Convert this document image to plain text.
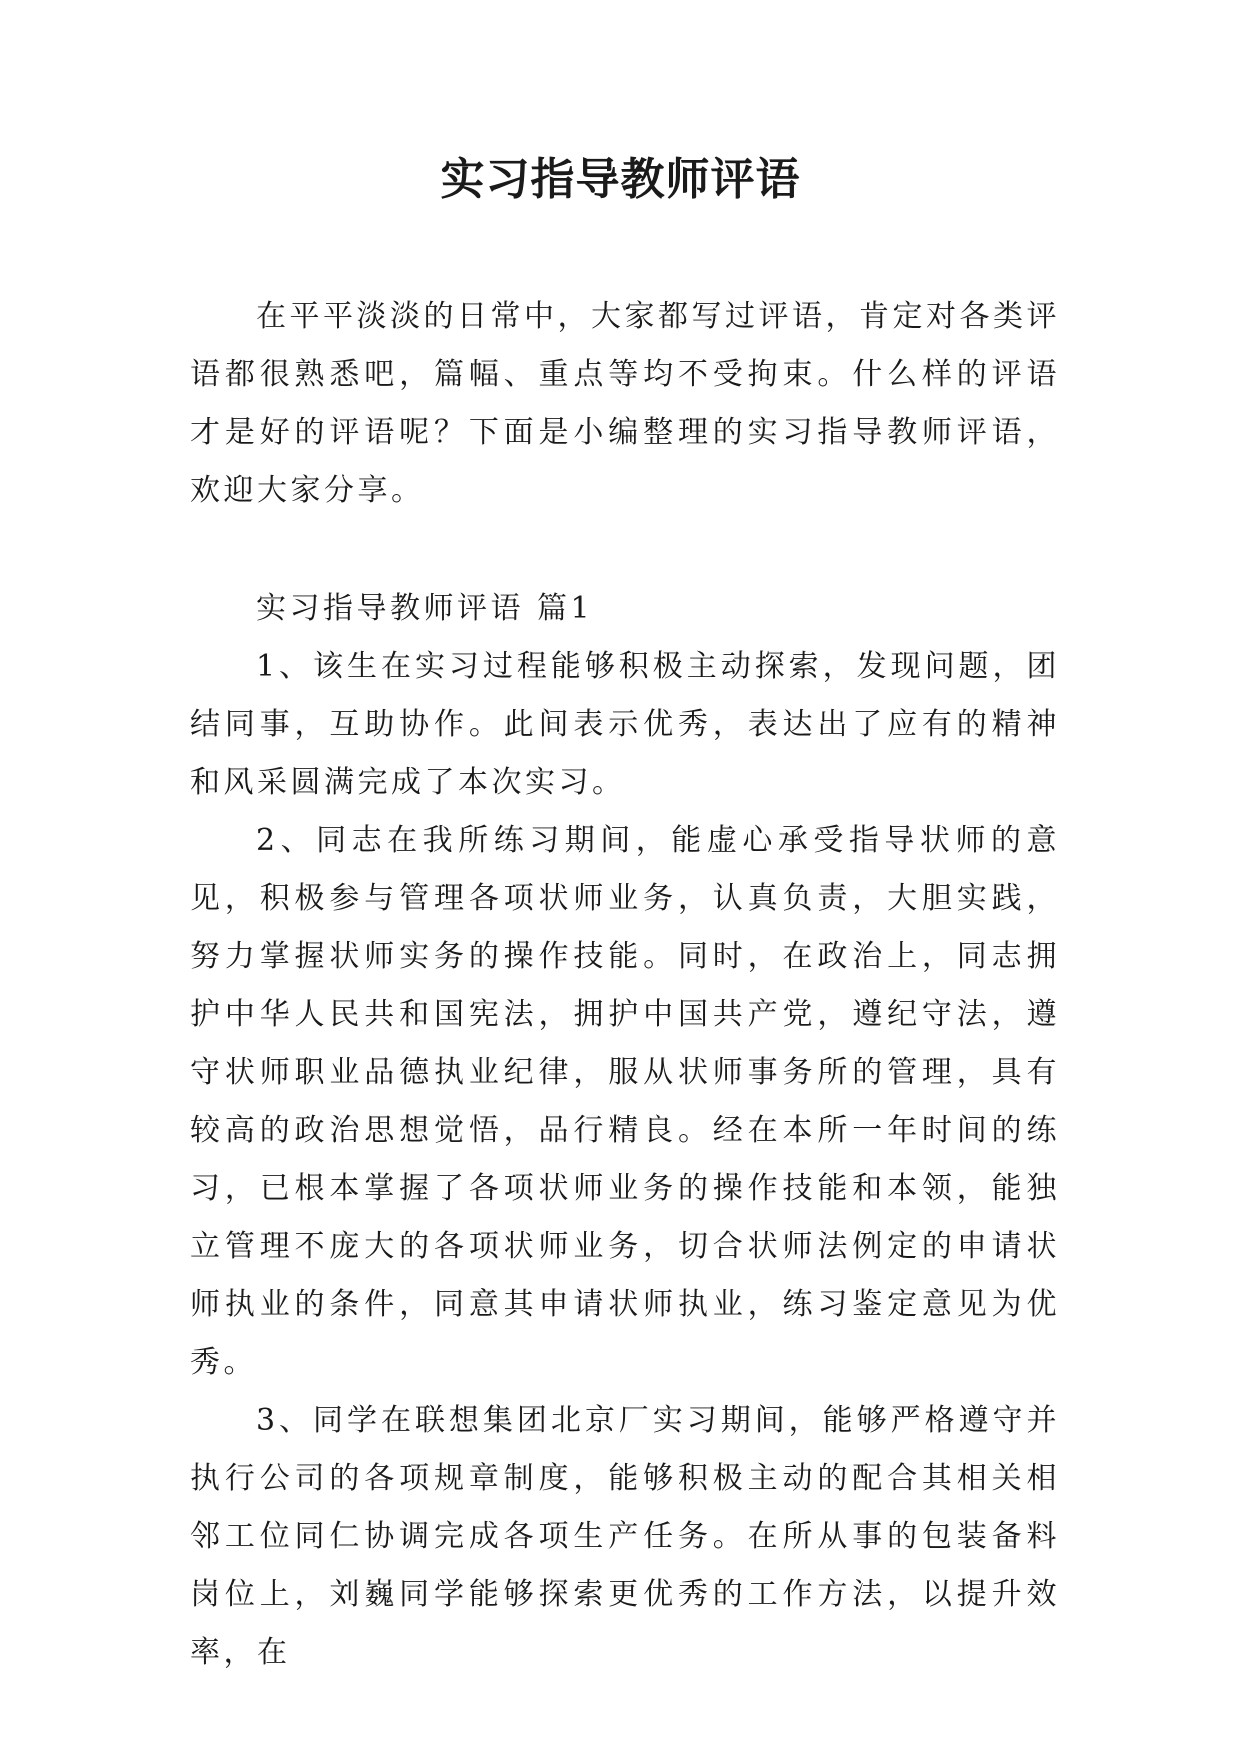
实习指导教师评语

在平平淡淡的日常中，大家都写过评语，肯定对各类评语都很熟悉吧，篇幅、重点等均不受拘束。什么样的评语才是好的评语呢？下面是小编整理的实习指导教师评语，欢迎大家分享。

实习指导教师评语 篇1

1、该生在实习过程能够积极主动探索，发现问题，团结同事，互助协作。此间表示优秀，表达出了应有的精神和风采圆满完成了本次实习。

2、同志在我所练习期间，能虚心承受指导状师的意见，积极参与管理各项状师业务，认真负责，大胆实践，努力掌握状师实务的操作技能。同时，在政治上，同志拥护中华人民共和国宪法，拥护中国共产党，遵纪守法，遵守状师职业品德执业纪律，服从状师事务所的管理，具有较高的政治思想觉悟，品行精良。经在本所一年时间的练习，已根本掌握了各项状师业务的操作技能和本领，能独立管理不庞大的各项状师业务，切合状师法例定的申请状师执业的条件，同意其申请状师执业，练习鉴定意见为优秀。

3、同学在联想集团北京厂实习期间，能够严格遵守并执行公司的各项规章制度，能够积极主动的配合其相关相邻工位同仁协调完成各项生产任务。在所从事的包装备料岗位上，刘巍同学能够探索更优秀的工作方法，以提升效率，在
